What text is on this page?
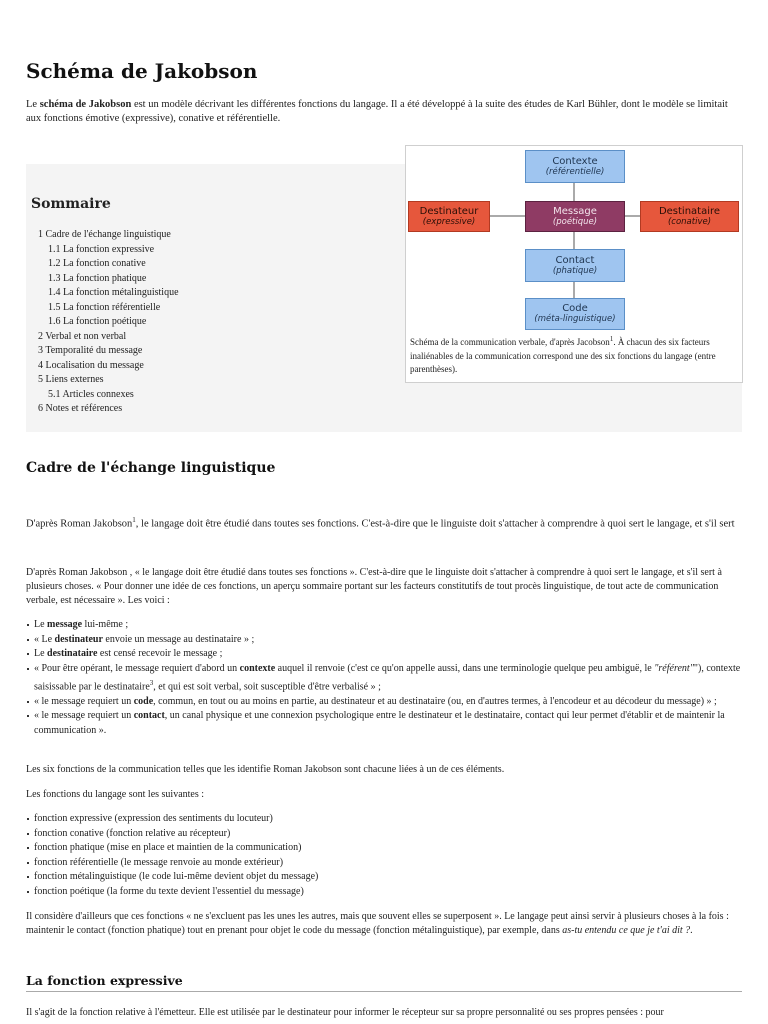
Schéma de Jakobson

Le schéma de Jakobson est un modèle décrivant les différentes fonctions du langage. Il a été développé à la suite des études de Karl Bühler, dont le modèle se limitait aux fonctions émotive (expressive), conative et référentielle.

Sommaire
1 Cadre de l'échange linguistique
1.1 La fonction expressive
1.2 La fonction conative
1.3 La fonction phatique
1.4 La fonction métalinguistique
1.5 La fonction référentielle
1.6 La fonction poétique
2 Verbal et non verbal
3 Temporalité du message
4 Localisation du message
5 Liens externes
5.1 Articles connexes
6 Notes et références
Contexte
(référentielle)
Destinateur
(expressive)
Message
(poétique)
Destinataire
(conative)
Contact
(phatique)
Code
(méta-linguistique)
Schéma de la communication verbale, d'après Jacobson$^1$. À chacun des six facteurs inaliénables de la communication correspond une des six fonctions du langage (entre parenthèses).
Cadre de l'échange linguistique

D'après Roman Jakobson$^1$, le langage doit être étudié dans toutes ses fonctions. C'est-à-dire que le linguiste doit s'attacher à comprendre à quoi sert le langage, et s'il sert

D'après Roman Jakobson , « le langage doit être étudié dans toutes ses fonctions ». C'est-à-dire que le linguiste doit s'attacher à comprendre à quoi sert le langage, et s'il sert à plusieurs choses. « Pour donner une idée de ces fonctions, un aperçu sommaire portant sur les facteurs constitutifs de tout procès linguistique, de tout acte de communication verbale, est nécessaire ». Les voici :

Le message lui-même ;
« Le destinateur envoie un message au destinataire » ;
Le destinataire est censé recevoir le message ;
« Pour être opérant, le message requiert d'abord un contexte auquel il renvoie (c'est ce qu'on appelle aussi, dans une terminologie quelque peu ambiguë, le "référent""), contexte saisissable par le destinataire$^3$, et qui est soit verbal, soit susceptible d'être verbalisé » ;
« le message requiert un code, commun, en tout ou au moins en partie, au destinateur et au destinataire (ou, en d'autres termes, à l'encodeur et au décodeur du message) » ;
« le message requiert un contact, un canal physique et une connexion psychologique entre le destinateur et le destinataire, contact qui leur permet d'établir et de maintenir la communication ».

Les six fonctions de la communication telles que les identifie Roman Jakobson sont chacune liées à un de ces éléments.

Les fonctions du langage sont les suivantes :

fonction expressive (expression des sentiments du locuteur)
fonction conative (fonction relative au récepteur)
fonction phatique (mise en place et maintien de la communication)
fonction référentielle (le message renvoie au monde extérieur)
fonction métalinguistique (le code lui-même devient objet du message)
fonction poétique (la forme du texte devient l'essentiel du message)

Il considère d'ailleurs que ces fonctions « ne s'excluent pas les unes les autres, mais que souvent elles se superposent ». Le langage peut ainsi servir à plusieurs choses à la fois : maintenir le contact (fonction phatique) tout en prenant pour objet le code du message (fonction métalinguistique), par exemple, dans as-tu entendu ce que je t'ai dit ?.

La fonction expressive

Il s'agit de la fonction relative à l'émetteur. Elle est utilisée par le destinateur pour informer le récepteur sur sa propre personnalité ou ses propres pensées : pour
